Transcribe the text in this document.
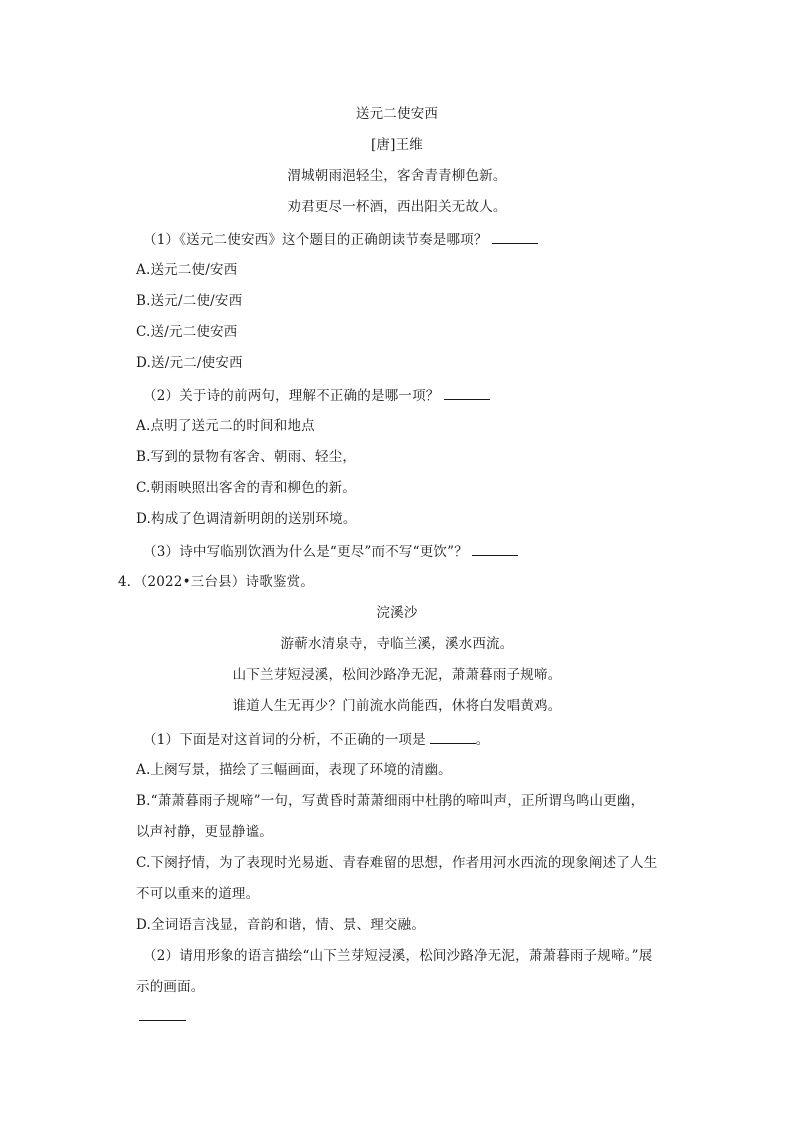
送元二使安西
[唐]王维
渭城朝雨浥轻尘，客舍青青柳色新。
劝君更尽一杯酒，西出阳关无故人。
（1）《送元二使安西》这个题目的正确朗读节奏是哪项？
A.送元二使/安西
B.送元/二使/安西
C.送/元二使安西
D.送/元二/使安西
（2）关于诗的前两句，理解不正确的是哪一项？
A.点明了送元二的时间和地点
B.写到的景物有客舍、朝雨、轻尘，
C.朝雨映照出客舍的青和柳色的新。
D.构成了色调清新明朗的送别环境。
（3）诗中写临别饮酒为什么是“更尽”而不写“更饮”？
4．（2022•三台县）诗歌鉴赏。
浣溪沙
游蕲水清泉寺，寺临兰溪，溪水西流。
山下兰芽短浸溪，松间沙路净无泥，萧萧暮雨子规啼。
谁道人生无再少？门前流水尚能西，休将白发唱黄鸡。
（1）下面是对这首词的分析，不正确的一项是	。
A.上阕写景，描绘了三幅画面，表现了环境的清幽。
B.“萧萧暮雨子规啼”一句，写黄昏时萧萧细雨中杜鹃的啼叫声，正所谓鸟鸣山更幽，
以声衬静，更显静谧。
C.下阕抒情，为了表现时光易逝、青春难留的思想，作者用河水西流的现象阐述了人生
不可以重来的道理。
D.全词语言浅显，音韵和谐，情、景、理交融。
（2）请用形象的语言描绘“山下兰芽短浸溪，松间沙路净无泥，萧萧暮雨子规啼。”展
示的画面。
